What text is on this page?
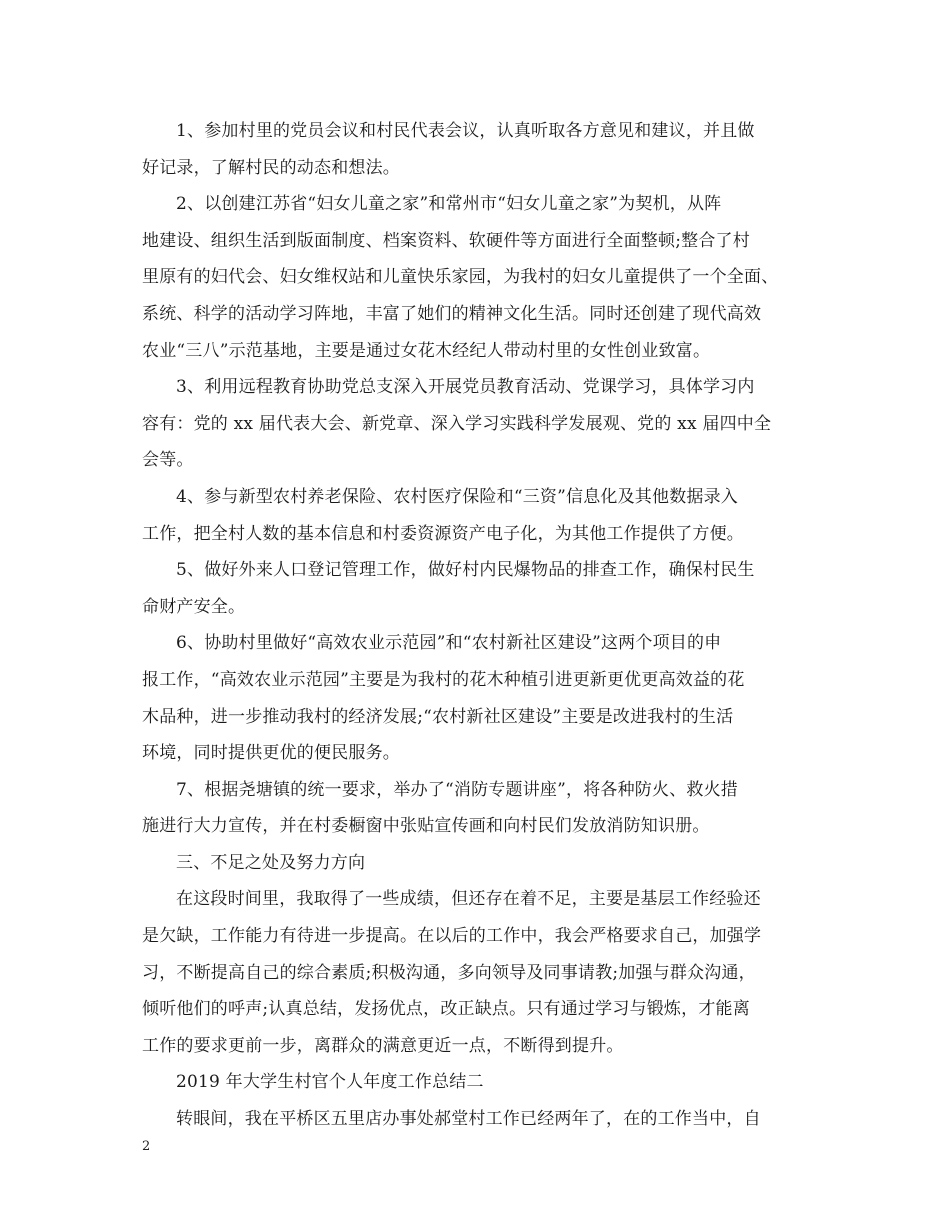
1、参加村里的党员会议和村民代表会议，认真听取各方意见和建议，并且做
好记录，了解村民的动态和想法。
2、以创建江苏省“妇女儿童之家”和常州市“妇女儿童之家”为契机，从阵
地建设、组织生活到版面制度、档案资料、软硬件等方面进行全面整顿;整合了村
里原有的妇代会、妇女维权站和儿童快乐家园，为我村的妇女儿童提供了一个全面、
系统、科学的活动学习阵地，丰富了她们的精神文化生活。同时还创建了现代高效
农业“三八”示范基地，主要是通过女花木经纪人带动村里的女性创业致富。
3、利用远程教育协助党总支深入开展党员教育活动、党课学习，具体学习内
容有：党的 xx 届代表大会、新党章、深入学习实践科学发展观、党的 xx 届四中全
会等。
4、参与新型农村养老保险、农村医疗保险和“三资”信息化及其他数据录入
工作，把全村人数的基本信息和村委资源资产电子化，为其他工作提供了方便。
5、做好外来人口登记管理工作，做好村内民爆物品的排查工作，确保村民生
命财产安全。
6、协助村里做好“高效农业示范园”和“农村新社区建设”这两个项目的申
报工作，“高效农业示范园”主要是为我村的花木种植引进更新更优更高效益的花
木品种，进一步推动我村的经济发展;“农村新社区建设”主要是改进我村的生活
环境，同时提供更优的便民服务。
7、根据尧塘镇的统一要求，举办了“消防专题讲座”，将各种防火、救火措
施进行大力宣传，并在村委橱窗中张贴宣传画和向村民们发放消防知识册。
三、不足之处及努力方向
在这段时间里，我取得了一些成绩，但还存在着不足，主要是基层工作经验还
是欠缺，工作能力有待进一步提高。在以后的工作中，我会严格要求自己，加强学
习，不断提高自己的综合素质;积极沟通，多向领导及同事请教;加强与群众沟通，
倾听他们的呼声;认真总结，发扬优点，改正缺点。只有通过学习与锻炼，才能离
工作的要求更前一步，离群众的满意更近一点，不断得到提升。
2019 年大学生村官个人年度工作总结二
转眼间，我在平桥区五里店办事处郝堂村工作已经两年了，在的工作当中，自
2
